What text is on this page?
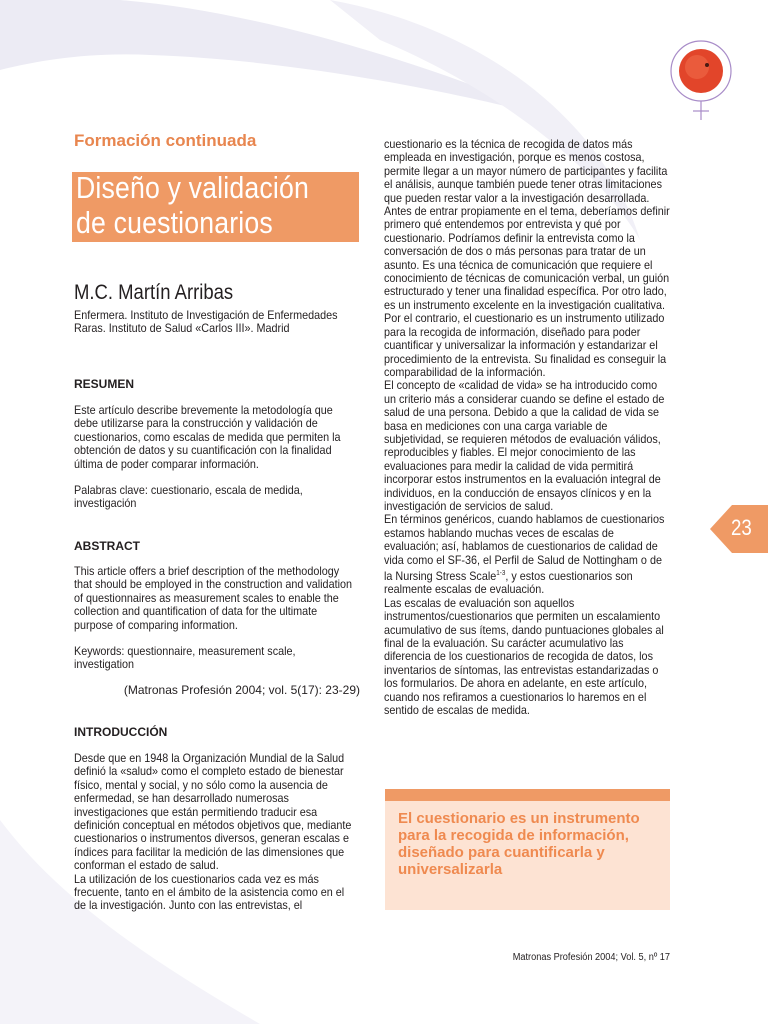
Formación continuada
Diseño y validación
de cuestionarios
M.C. Martín Arribas

Enfermera. Instituto de Investigación de Enfermedades Raras. Instituto de Salud «Carlos III». Madrid

RESUMEN

Este artículo describe brevemente la metodología que debe utilizarse para la construcción y validación de cuestionarios, como escalas de medida que permiten la obtención de datos y su cuantificación con la finalidad última de poder comparar información.

Palabras clave: cuestionario, escala de medida, investigación

ABSTRACT

This article offers a brief description of the methodology that should be employed in the construction and validation of questionnaires as measurement scales to enable the collection and quantification of data for the ultimate purpose of comparing information.

Keywords: questionnaire, measurement scale, investigation

(Matronas Profesión 2004; vol. 5(17): 23-29)
INTRODUCCIÓN

Desde que en 1948 la Organización Mundial de la Salud definió la «salud» como el completo estado de bienestar físico, mental y social, y no sólo como la ausencia de enfermedad, se han desarrollado numerosas investigaciones que están permitiendo traducir esa definición conceptual en métodos objetivos que, mediante cuestionarios o instrumentos diversos, generan escalas e índices para facilitar la medición de las dimensiones que conforman el estado de salud.

La utilización de los cuestionarios cada vez es más frecuente, tanto en el ámbito de la asistencia como en el de la investigación. Junto con las entrevistas, el

cuestionario es la técnica de recogida de datos más empleada en investigación, porque es menos costosa, permite llegar a un mayor número de participantes y facilita el análisis, aunque también puede tener otras limitaciones que pueden restar valor a la investigación desarrollada.

Antes de entrar propiamente en el tema, deberíamos definir primero qué entendemos por entrevista y qué por cuestionario. Podríamos definir la entrevista como la conversación de dos o más personas para tratar de un asunto. Es una técnica de comunicación que requiere el conocimiento de técnicas de comunicación verbal, un guión estructurado y tener una finalidad específica. Por otro lado, es un instrumento excelente en la investigación cualitativa.

Por el contrario, el cuestionario es un instrumento utilizado para la recogida de información, diseñado para poder cuantificar y universalizar la información y estandarizar el procedimiento de la entrevista. Su finalidad es conseguir la comparabilidad de la información.

El concepto de «calidad de vida» se ha introducido como un criterio más a considerar cuando se define el estado de salud de una persona. Debido a que la calidad de vida se basa en mediciones con una carga variable de subjetividad, se requieren métodos de evaluación válidos, reproducibles y fiables. El mejor conocimiento de las evaluaciones para medir la calidad de vida permitirá incorporar estos instrumentos en la evaluación integral de individuos, en la conducción de ensayos clínicos y en la investigación de servicios de salud.

En términos genéricos, cuando hablamos de cuestionarios estamos hablando muchas veces de escalas de evaluación; así, hablamos de cuestionarios de calidad de vida como el SF-36, el Perfil de Salud de Nottingham o de la Nursing Stress Scale$^{1-3}$, y estos cuestionarios son realmente escalas de evaluación.

Las escalas de evaluación son aquellos instrumentos/cuestionarios que permiten un escalamiento acumulativo de sus ítems, dando puntuaciones globales al final de la evaluación. Su carácter acumulativo las diferencia de los cuestionarios de recogida de datos, los inventarios de síntomas, las entrevistas estandarizadas o los formularios. De ahora en adelante, en este artículo, cuando nos refiramos a cuestionarios lo haremos en el sentido de escalas de medida.

El cuestionario es un instrumento para la recogida de información, diseñado para cuantificarla y universalizarla
23
Matronas Profesión 2004; Vol. 5, nº 17
